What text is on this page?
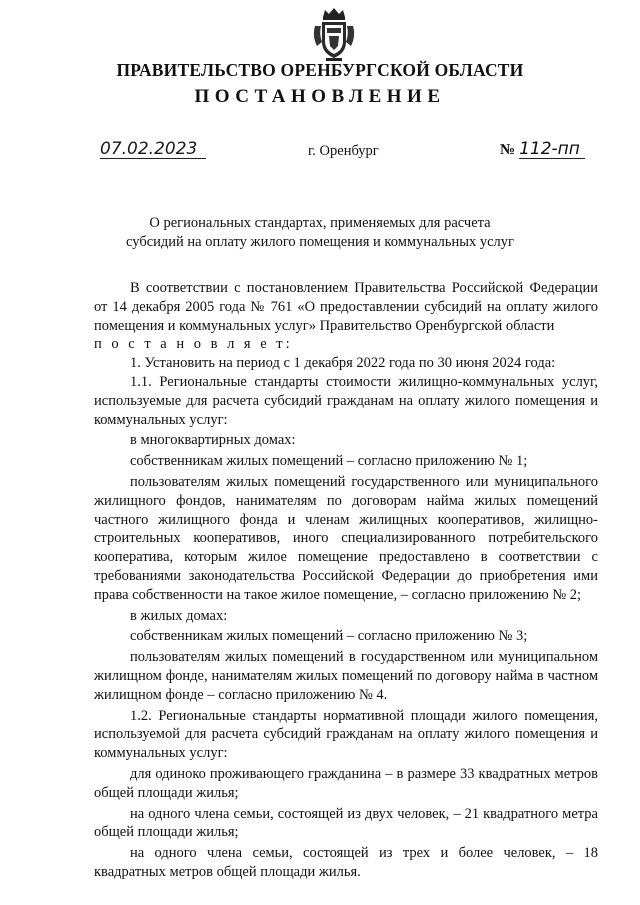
ПРАВИТЕЛЬСТВО ОРЕНБУРГСКОЙ ОБЛАСТИ
ПОСТАНОВЛЕНИЕ
07.02.2023	г. Оренбург	№ 112-пп
О региональных стандартах, применяемых для расчета
субсидий на оплату жилого помещения и коммунальных услуг

В соответствии с постановлением Правительства Российской Федерации от 14 декабря 2005 года № 761 «О предоставлении субсидий на оплату жилого помещения и коммунальных услуг» Правительство Оренбургской области

п о с т а н о в л я е т:

1. Установить на период с 1 декабря 2022 года по 30 июня 2024 года:

1.1. Региональные стандарты стоимости жилищно-коммунальных услуг, используемые для расчета субсидий гражданам на оплату жилого помещения и коммунальных услуг:

в многоквартирных домах:

собственникам жилых помещений – согласно приложению № 1;

пользователям жилых помещений государственного или муниципального жилищного фондов, нанимателям по договорам найма жилых помещений частного жилищного фонда и членам жилищных кооперативов, жилищно-строительных кооперативов, иного специализированного потребительского кооператива, которым жилое помещение предоставлено в соответствии с требованиями законодательства Российской Федерации до приобретения ими права собственности на такое жилое помещение, – согласно приложению № 2;

в жилых домах:

собственникам жилых помещений – согласно приложению № 3;

пользователям жилых помещений в государственном или муниципальном жилищном фонде, нанимателям жилых помещений по договору найма в частном жилищном фонде – согласно приложению № 4.

1.2. Региональные стандарты нормативной площади жилого помещения, используемой для расчета субсидий гражданам на оплату жилого помещения и коммунальных услуг:

для одиноко проживающего гражданина – в размере 33 квадратных метров общей площади жилья;

на одного члена семьи, состоящей из двух человек, – 21 квадратного метра общей площади жилья;

на одного члена семьи, состоящей из трех и более человек, – 18 квадратных метров общей площади жилья.
